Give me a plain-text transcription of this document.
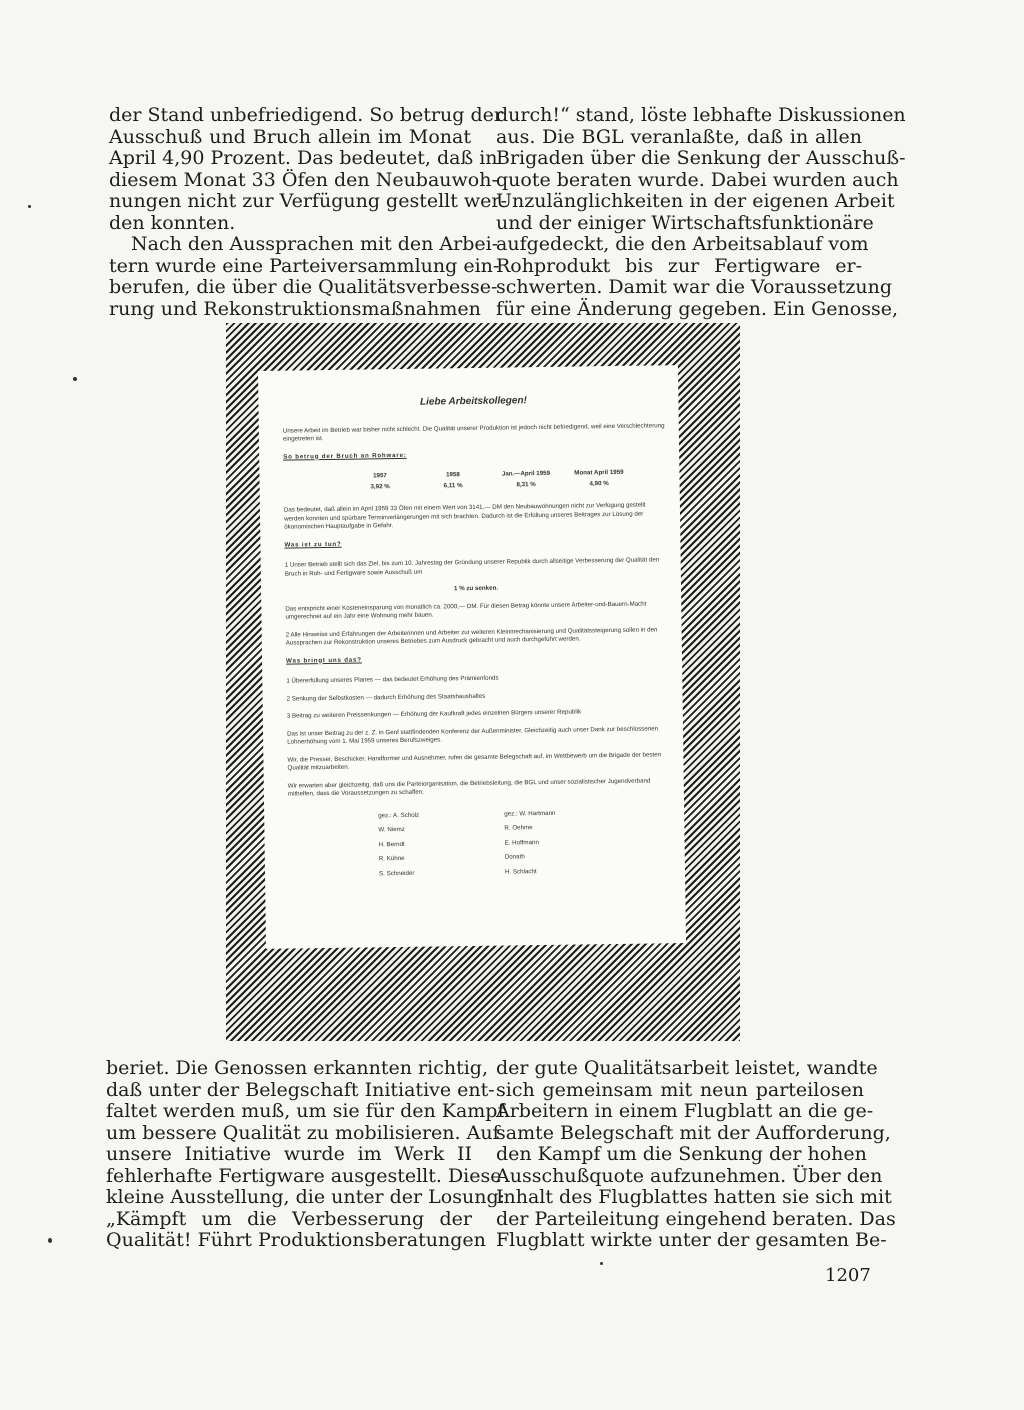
der Stand unbefriedigend. So betrug der
Ausschuß und Bruch allein im Monat
April 4,90 Prozent. Das bedeutet, daß in
diesem Monat 33 Öfen den Neubauwoh-
nungen nicht zur Verfügung gestellt wer-
den konnten.

Nach den Aussprachen mit den Arbei-
tern wurde eine Parteiversammlung ein-
berufen, die über die Qualitätsverbesse-
rung und Rekonstruktionsmaßnahmen

durch!“ stand, löste lebhafte Diskussionen
aus. Die BGL veranlaßte, daß in allen
Brigaden über die Senkung der Ausschuß-
quote beraten wurde. Dabei wurden auch
Unzulänglichkeiten in der eigenen Arbeit
und der einiger Wirtschaftsfunktionäre
aufgedeckt, die den Arbeitsablauf vom
Rohprodukt bis zur Fertigware er-
schwerten. Damit war die Voraussetzung
für eine Änderung gegeben. Ein Genosse,

Liebe Arbeitskollegen!

Unsere Arbeit im Betrieb war bisher nicht schlecht. Die Qualität unserer Produktion ist jedoch nicht befriedigend, weil eine Verschlechterung eingetreten ist.

So betrug der Bruch an Rohware:

1957
3,92 %
1958
6,11 %
Jan.—April 1959
8,31 %
Monat April 1959
4,90 %

Das bedeutet, daß allein im April 1959 33 Öfen mit einem Wert von 3141,— DM den Neubauwohnungen nicht zur Verfügung gestellt werden konnten und spürbare Terminverlängerungen mit sich brachten. Dadurch ist die Erfüllung unseres Beitrages zur Lösung der ökonomischen Hauptaufgabe in Gefahr.

Was ist zu tun?

1 Unser Betrieb stellt sich das Ziel, bis zum 10. Jahrestag der Gründung unserer Republik durch allseitige Verbesserung der Qualität den Bruch in Roh- und Fertigware sowie Ausschuß um

1 % zu senken.

Das entspricht einer Kosteneinsparung von monatlich ca. 2000,— DM. Für diesen Betrag könnte unsere Arbeiter-und-Bauern-Macht umgerechnet auf ein Jahr eine Wohnung mehr bauen.

2 Alle Hinweise und Erfahrungen der Arbeiterinnen und Arbeiter zur weiteren Kleinmechanisierung und Qualitätssteigerung sollen in den Aussprachen zur Rekonstruktion unseres Betriebes zum Ausdruck gebracht und auch durchgeführt werden.

Was bringt uns das?

1 Übererfüllung unseres Planes — das bedeutet Erhöhung des Prämienfonds

2 Senkung der Selbstkosten — dadurch Erhöhung des Staatshaushaltes

3 Beitrag zu weiteren Preissenkungen — Erhöhung der Kaufkraft jedes einzelnen Bürgers unserer Republik

Das ist unser Beitrag zu der z. Z. in Genf stattfindenden Konferenz der Außenminister. Gleichzeitig auch unser Dank zur beschlossenen Lohnerhöhung vom 1. Mai 1959 unseres Berufszweiges.

Wir, die Presser, Beschicker, Handformer und Ausnehmer, rufen die gesamte Belegschaft auf, im Wettbewerb um die Brigade der besten Qualität mitzuarbeiten.

Wir erwarten aber gleichzeitig, daß uns die Parteiorganisation, die Betriebsleitung, die BGL und unser sozialistischer Jugendverband mithelfen, dass die Voraussetzungen zu schaffen.

gez.: A. Scholz
W. Niemz
H. Berndt
R. Kühne
S. Schneider
gez.: W. Hartmann
R. Oehme
E. Hoffmann
Donath
H. Schlacht

beriet. Die Genossen erkannten richtig,
daß unter der Belegschaft Initiative ent-
faltet werden muß, um sie für den Kampf
um bessere Qualität zu mobilisieren. Auf
unsere Initiative wurde im Werk II
fehlerhafte Fertigware ausgestellt. Diese
kleine Ausstellung, die unter der Losung:
„Kämpft um die Verbesserung der
Qualität! Führt Produktionsberatungen

der gute Qualitätsarbeit leistet, wandte
sich gemeinsam mit neun parteilosen
Arbeitern in einem Flugblatt an die ge-
samte Belegschaft mit der Aufforderung,
den Kampf um die Senkung der hohen
Ausschußquote aufzunehmen. Über den
Inhalt des Flugblattes hatten sie sich mit
der Parteileitung eingehend beraten. Das
Flugblatt wirkte unter der gesamten Be-

1207
